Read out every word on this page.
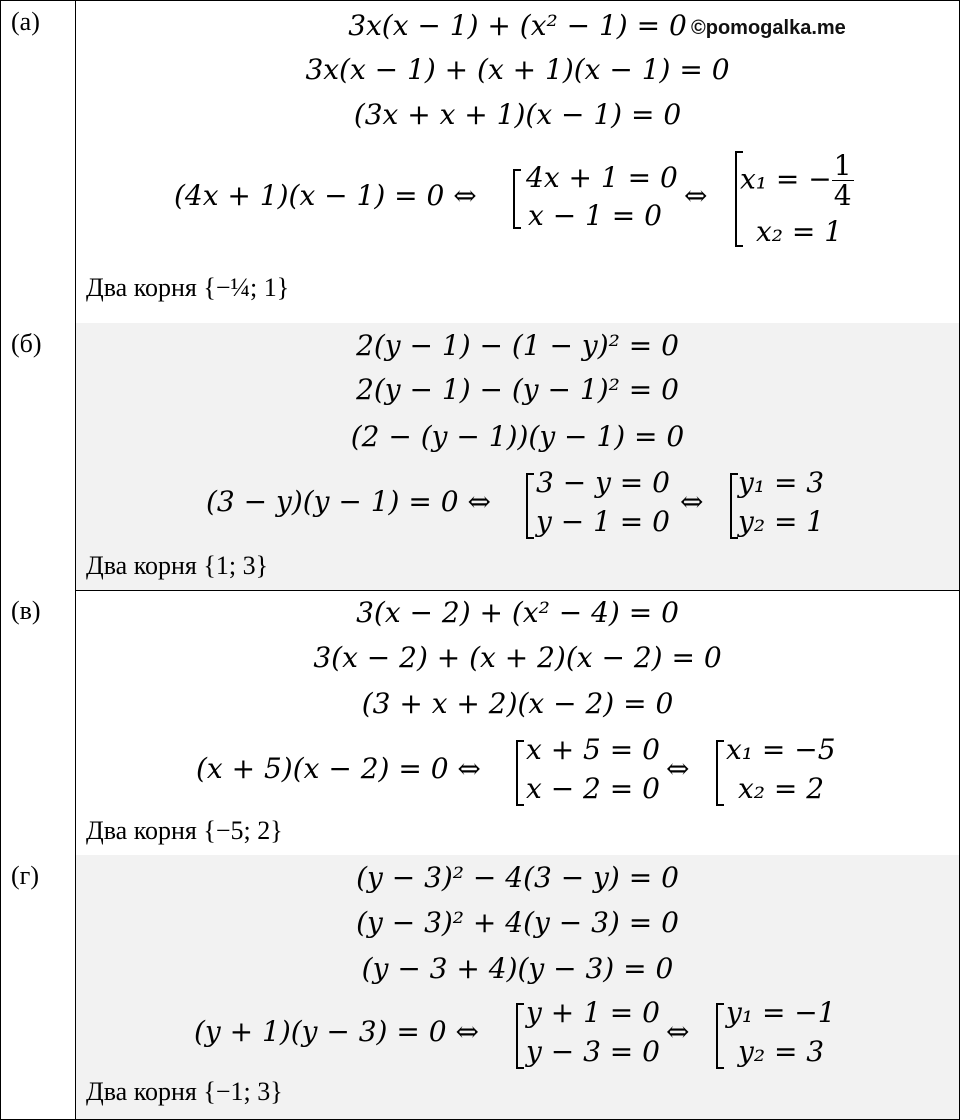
(а)	3x(x − 1) + (x² − 1) = 0 ©pomogalka.me
3x(x − 1) + (x + 1)(x − 1) = 0
(3x + x + 1)(x − 1) = 0
(4x + 1)(x − 1) = 0 ⇔
4x + 1 = 0
x − 1 = 0
⇔
x₁ = − $\frac{1}{4}$
x₂ = 1
Два корня {−¼; 1}
(б)	2(y − 1) − (1 − y)² = 0
2(y − 1) − (y − 1)² = 0
(2 − (y − 1))(y − 1) = 0
(3 − y)(y − 1) = 0 ⇔
3 − y = 0
y − 1 = 0
⇔
y₁ = 3
y₂ = 1
Два корня {1; 3}
(в)	3(x − 2) + (x² − 4) = 0
3(x − 2) + (x + 2)(x − 2) = 0
(3 + x + 2)(x − 2) = 0
(x + 5)(x − 2) = 0 ⇔
x + 5 = 0
x − 2 = 0
⇔
x₁ = −5
x₂ = 2
Два корня {−5; 2}
(г)	(y − 3)² − 4(3 − y) = 0
(y − 3)² + 4(y − 3) = 0
(y − 3 + 4)(y − 3) = 0
(y + 1)(y − 3) = 0 ⇔
y + 1 = 0
y − 3 = 0
⇔
y₁ = −1
y₂ = 3
Два корня {−1; 3}
